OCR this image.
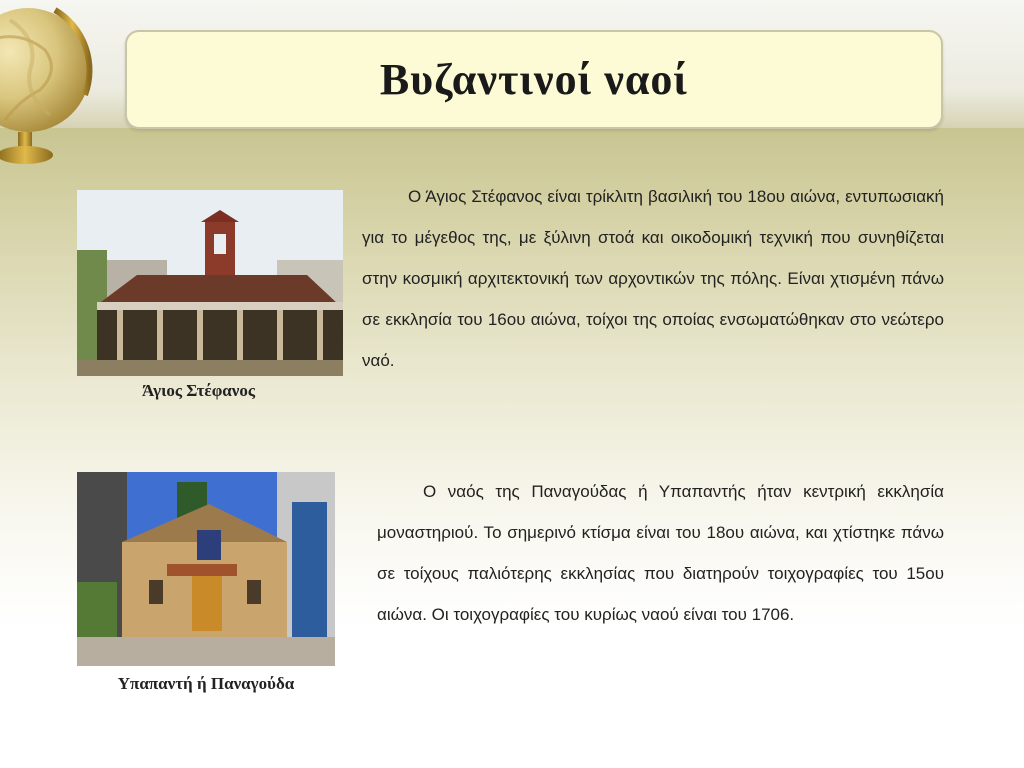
Βυζαντινοί ναοί
Άγιος Στέφανος

Ο Άγιος Στέφανος είναι τρίκλιτη βασιλική του 18ου αιώνα, εντυπωσιακή για το μέγεθος της, με ξύλινη στοά και οικοδομική τεχνική που συνηθίζεται στην κοσμική αρχιτεκτονική των αρχοντικών της πόλης. Είναι χτισμένη πάνω σε εκκλησία του 16ου αιώνα, τοίχοι της οποίας ενσωματώθηκαν στο νεώτερο ναό.

Υπαπαντή ή Παναγούδα

Ο ναός της Παναγούδας ή Υπαπαντής ήταν κεντρική εκκλησία μοναστηριού. Το σημερινό κτίσμα είναι του 18ου αιώνα, και χτίστηκε πάνω σε τοίχους παλιότερης εκκλησίας που διατηρούν τοιχογραφίες του 15ου αιώνα. Οι τοιχογραφίες του κυρίως ναού είναι του 1706.
